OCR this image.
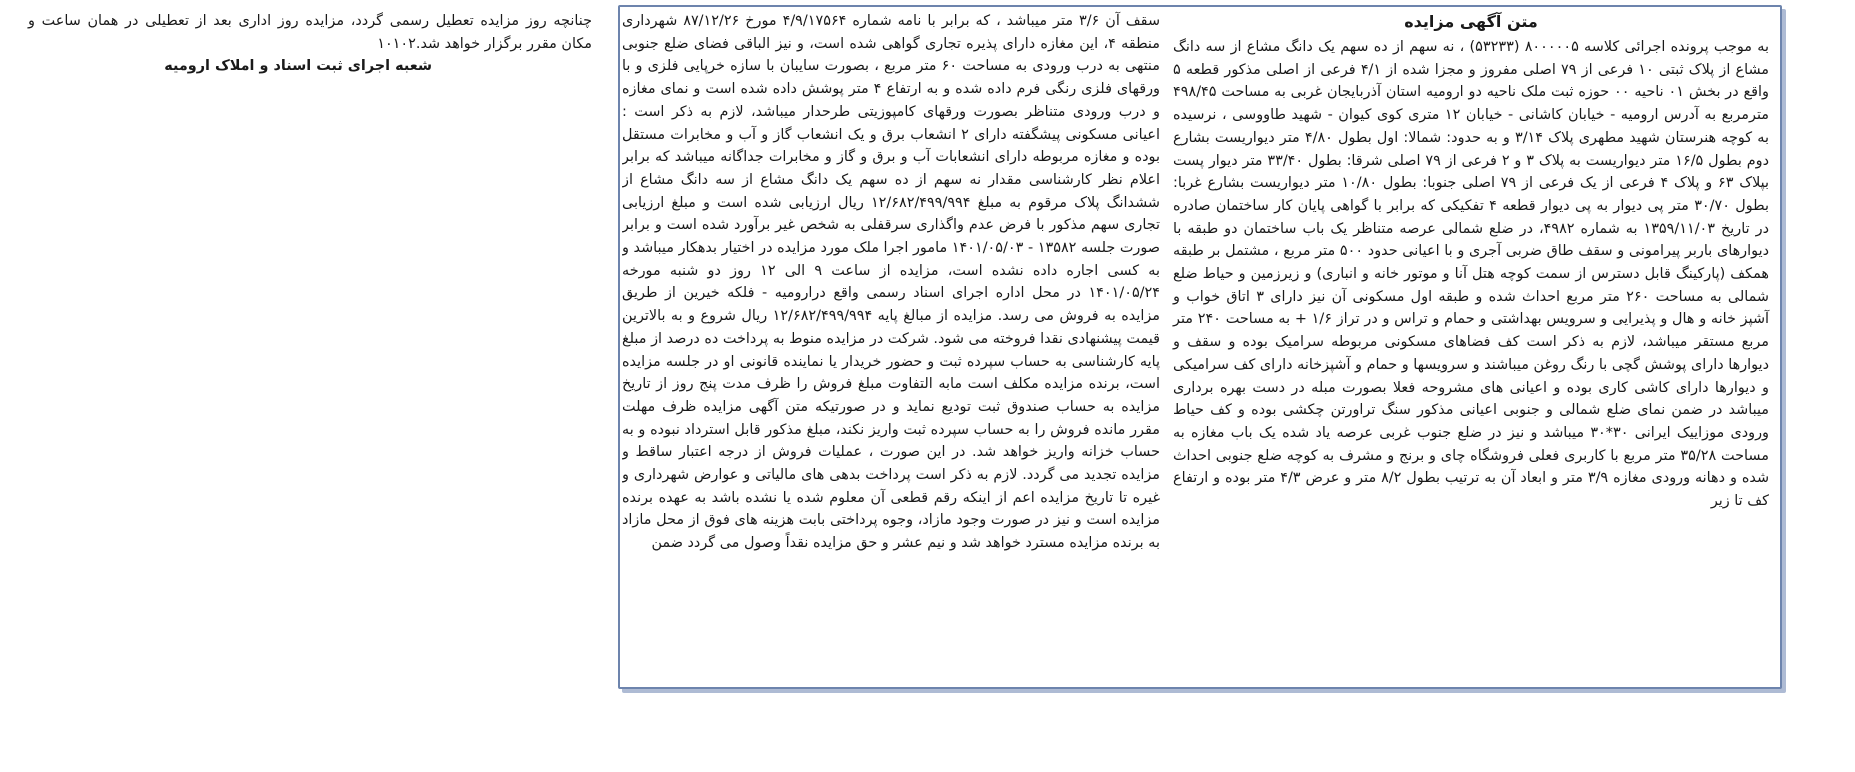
متن آگهی مزایده

به موجب پرونده اجرائی کلاسه ۸۰۰۰۰۰۵ (۵۳۲۳۳) ، نه سهم از ده سهم یک دانگ مشاع از سه دانگ مشاع از پلاک ثبتی ۱۰ فرعی از ۷۹ اصلی مفروز و مجزا شده از ۴/۱ فرعی از اصلی مذکور قطعه ۵ واقع در بخش ۰۱ ناحیه ۰۰ حوزه ثبت ملک ناحیه دو ارومیه استان آذربایجان غربی به مساحت ۴۹۸/۴۵ مترمربع به آدرس ارومیه - خیابان کاشانی - خیابان ۱۲ متری کوی کیوان - شهید طاووسی ، نرسیده به کوچه هنرستان شهید مطهری پلاک ۳/۱۴ و به حدود: شمالا: اول بطول ۴/۸۰ متر دیواریست بشارع دوم بطول ۱۶/۵ متر دیواریست به پلاک ۳ و ۲ فرعی از ۷۹ اصلی شرقا: بطول ۳۳/۴۰ متر دیوار پست بپلاک ۶۳ و پلاک ۴ فرعی از یک فرعی از ۷۹ اصلی جنوبا: بطول ۱۰/۸۰ متر دیواریست بشارع غربا: بطول ۳۰/۷۰ متر پی دیوار به پی دیوار قطعه ۴ تفکیکی که برابر با گواهی پایان کار ساختمان صادره در تاریخ ۱۳۵۹/۱۱/۰۳ به شماره ۴۹۸۲، در ضلع شمالی عرصه متناظر یک باب ساختمان دو طبقه با دیوارهای باربر پیرامونی و سقف طاق ضربی آجری و با اعیانی حدود ۵۰۰ متر مربع ، مشتمل بر طبقه همکف (پارکینگ قابل دسترس از سمت کوچه هتل آنا و موتور خانه و انباری) و زیرزمین و حیاط ضلع شمالی به مساحت ۲۶۰ متر مربع احداث شده و طبقه اول مسکونی آن نیز دارای ۳ اتاق خواب و آشپز خانه و هال و پذیرایی و سرویس بهداشتی و حمام و تراس و در تراز ۱/۶ + به مساحت ۲۴۰ متر مربع مستقر میباشد، لازم به ذکر است کف فضاهای مسکونی مربوطه سرامیک بوده و سقف و دیوارها دارای پوشش گچی با رنگ روغن میباشند و سرویسها و حمام و آشپزخانه دارای کف سرامیکی و دیوارها دارای کاشی کاری بوده و اعیانی های مشروحه فعلا بصورت مبله در دست بهره برداری میباشد در ضمن نمای ضلع شمالی و جنوبی اعیانی مذکور سنگ تراورتن چکشی بوده و کف حیاط ورودی موزاییک ایرانی ۳۰*۳۰ میباشد و نیز در ضلع جنوب غربی عرصه یاد شده یک باب مغازه به مساحت ۳۵/۲۸ متر مربع با کاربری فعلی فروشگاه چای و برنج و مشرف به کوچه ضلع جنوبی احداث شده و دهانه ورودی مغازه ۳/۹ متر و ابعاد آن به ترتیب بطول ۸/۲ متر و عرض ۴/۳ متر بوده و ارتفاع کف تا زیر

سقف آن ۳/۶ متر میباشد ، که برابر با نامه شماره ۴/۹/۱۷۵۶۴ مورخ ۸۷/۱۲/۲۶ شهرداری منطقه ۴، این مغازه دارای پذیره تجاری گواهی شده است، و نیز الباقی فضای ضلع جنوبی منتهی به درب ورودی به مساحت ۶۰ متر مربع ، بصورت سایبان با سازه خرپایی فلزی و با ورقهای فلزی رنگی فرم داده شده و به ارتفاع ۴ متر پوشش داده شده است و نمای مغازه و درب ورودی متناظر بصورت ورقهای کامپوزیتی طرحدار میباشد، لازم به ذکر است : اعیانی مسکونی پیشگفته دارای ۲ انشعاب برق و یک انشعاب گاز و آب و مخابرات مستقل بوده و مغازه مربوطه دارای انشعابات آب و برق و گاز و مخابرات جداگانه میباشد که برابر اعلام نظر کارشناسی مقدار نه سهم از ده سهم یک دانگ مشاع از سه دانگ مشاع از ششدانگ پلاک مرقوم به مبلغ ۱۲/۶۸۲/۴۹۹/۹۹۴ ریال ارزیابی شده است و مبلغ ارزیابی تجاری سهم مذکور با فرض عدم واگذاری سرقفلی به شخص غیر برآورد شده است و برابر صورت جلسه ۱۳۵۸۲ - ۱۴۰۱/۰۵/۰۳ مامور اجرا ملک مورد مزایده در اختیار بدهکار میباشد و به کسی اجاره داده نشده است، مزایده از ساعت ۹ الی ۱۲ روز دو شنبه مورخه ۱۴۰۱/۰۵/۲۴ در محل اداره اجرای اسناد رسمی واقع درارومیه - فلکه خیرین از طریق مزایده به فروش می رسد. مزایده از مبالغ پایه ۱۲/۶۸۲/۴۹۹/۹۹۴ ریال شروع و به بالاترین قیمت پیشنهادی نقدا فروخته می شود. شرکت در مزایده منوط به پرداخت ده درصد از مبلغ پایه کارشناسی به حساب سپرده ثبت و حضور خریدار یا نماینده قانونی او در جلسه مزایده است، برنده مزایده مکلف است مابه التفاوت مبلغ فروش را ظرف مدت پنج روز از تاریخ مزایده به حساب صندوق ثبت تودیع نماید و در صورتیکه متن آگهی مزایده ظرف مهلت مقرر مانده فروش را به حساب سپرده ثبت واریز نکند، مبلغ مذکور قابل استرداد نبوده و به حساب خزانه واریز خواهد شد. در این صورت ، عملیات فروش از درجه اعتبار ساقط و مزایده تجدید می گردد. لازم به ذکر است پرداخت بدهی های مالیاتی و عوارض شهرداری و غیره تا تاریخ مزایده اعم از اینکه رقم قطعی آن معلوم شده یا نشده باشد به عهده برنده مزایده است و نیز در صورت وجود مازاد، وجوه پرداختی بابت هزینه های فوق از محل مازاد به برنده مزایده مسترد خواهد شد و نیم عشر و حق مزایده نقداً وصول می گردد ضمن

چنانچه روز مزایده تعطیل رسمی گردد، مزایده روز اداری بعد از تعطیلی در همان ساعت و مکان مقرر برگزار خواهد شد.۱۰۱۰۲

شعبه اجرای ثبت اسناد و املاک ارومیه
